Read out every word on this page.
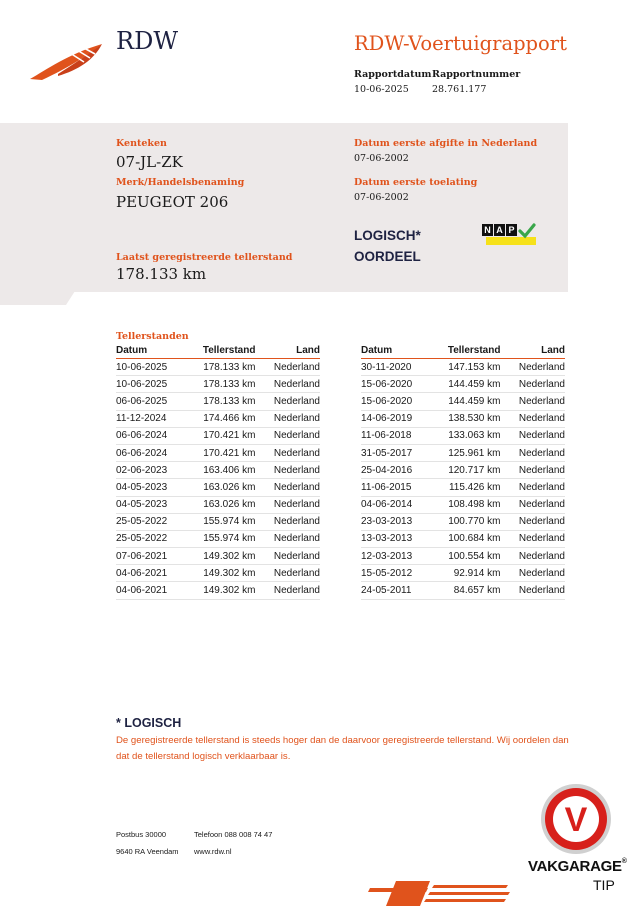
RDW	RDW-Voertuigrapport
Rapportdatum
10-06-2025
Rapportnummer
28.761.177
Kenteken
07-JL-ZK
Merk/Handelsbenaming
PEUGEOT 206
Laatst geregistreerde tellerstand
178.133 km
Datum eerste afgifte in Nederland
07-06-2002
Datum eerste toelating
07-06-2002
LOGISCH*
OORDEEL
N A P
Tellerstanden
Datum	Tellerstand	Land
10-06-2025	178.133 km	Nederland
10-06-2025	178.133 km	Nederland
06-06-2025	178.133 km	Nederland
11-12-2024	174.466 km	Nederland
06-06-2024	170.421 km	Nederland
06-06-2024	170.421 km	Nederland
02-06-2023	163.406 km	Nederland
04-05-2023	163.026 km	Nederland
04-05-2023	163.026 km	Nederland
25-05-2022	155.974 km	Nederland
25-05-2022	155.974 km	Nederland
07-06-2021	149.302 km	Nederland
04-06-2021	149.302 km	Nederland
04-06-2021	149.302 km	Nederland
Datum	Tellerstand	Land
30-11-2020	147.153 km	Nederland
15-06-2020	144.459 km	Nederland
15-06-2020	144.459 km	Nederland
14-06-2019	138.530 km	Nederland
11-06-2018	133.063 km	Nederland
31-05-2017	125.961 km	Nederland
25-04-2016	120.717 km	Nederland
11-06-2015	115.426 km	Nederland
04-06-2014	108.498 km	Nederland
23-03-2013	100.770 km	Nederland
13-03-2013	100.684 km	Nederland
12-03-2013	100.554 km	Nederland
15-05-2012	92.914 km	Nederland
24-05-2011	84.657 km	Nederland
* LOGISCH
De geregistreerde tellerstand is steeds hoger dan de daarvoor geregistreerde tellerstand. Wij oordelen dan
dat de tellerstand logisch verklaarbaar is.
Postbus 30000
9640 RA Veendam
Telefoon 088 008 74 47
www.rdw.nl
V
VAKGARAGE®
TIP
